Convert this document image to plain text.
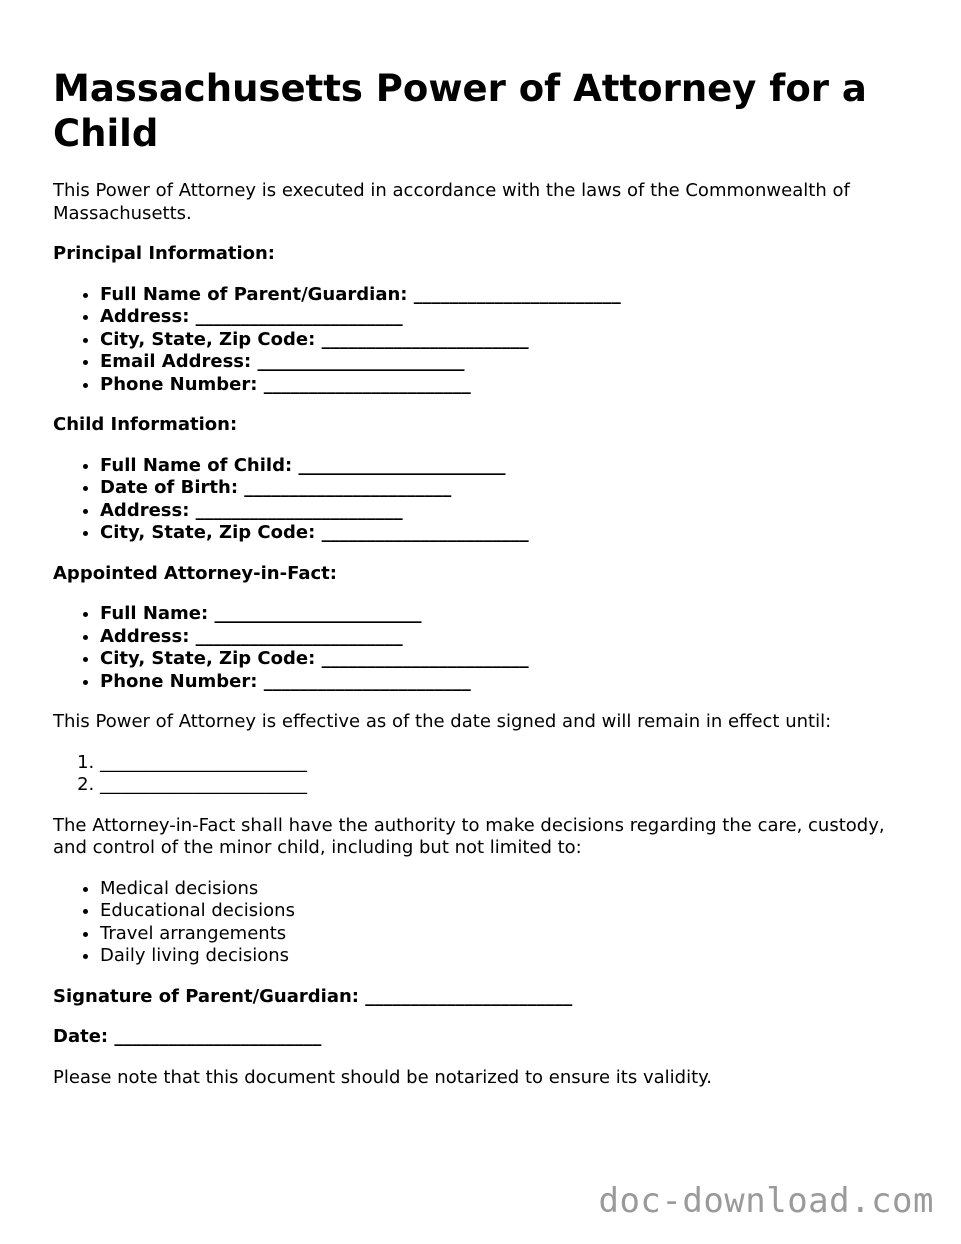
Massachusetts Power of Attorney for a Child

This Power of Attorney is executed in accordance with the laws of the Commonwealth of Massachusetts.

Principal Information:

• Full Name of Parent/Guardian: _______________________
• Address: _______________________
• City, State, Zip Code: _______________________
• Email Address: _______________________
• Phone Number: _______________________

Child Information:

• Full Name of Child: _______________________
• Date of Birth: _______________________
• Address: _______________________
• City, State, Zip Code: _______________________

Appointed Attorney-in-Fact:

• Full Name: _______________________
• Address: _______________________
• City, State, Zip Code: _______________________
• Phone Number: _______________________

This Power of Attorney is effective as of the date signed and will remain in effect until:

1. _______________________
2. _______________________

The Attorney-in-Fact shall have the authority to make decisions regarding the care, custody, and control of the minor child, including but not limited to:

• Medical decisions
• Educational decisions
• Travel arrangements
• Daily living decisions

Signature of Parent/Guardian: _______________________

Date: _______________________

Please note that this document should be notarized to ensure its validity.

doc-download.com
